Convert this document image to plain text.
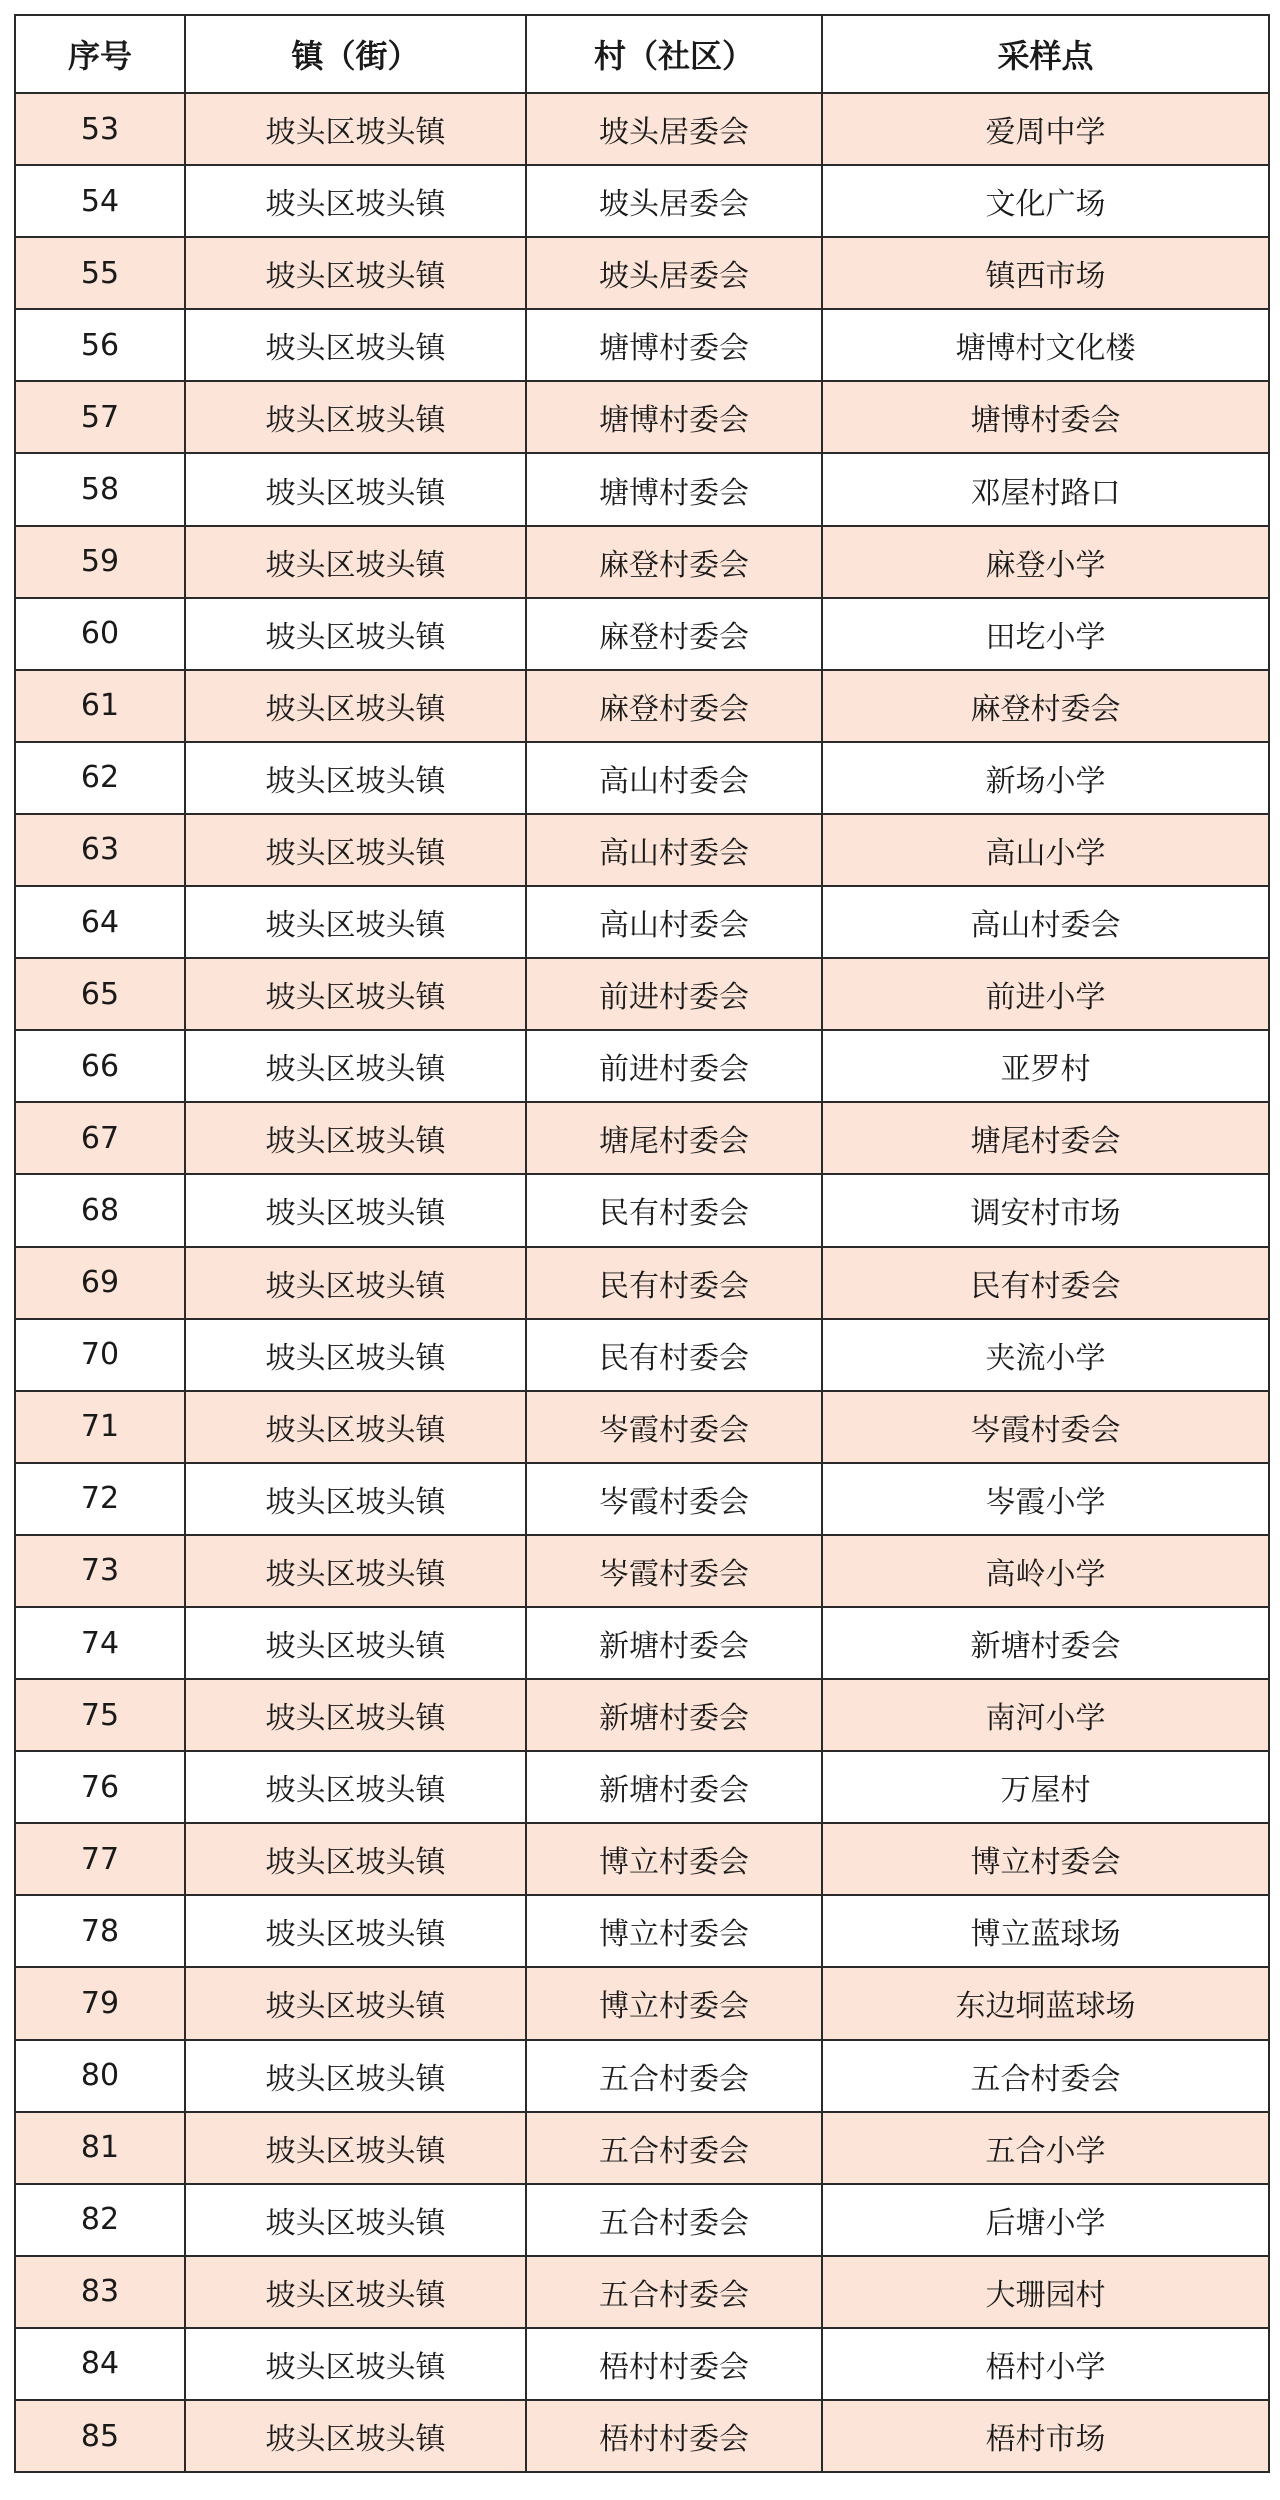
序号	镇（街）	村（社区）	采样点
53	坡头区坡头镇	坡头居委会	爱周中学
54	坡头区坡头镇	坡头居委会	文化广场
55	坡头区坡头镇	坡头居委会	镇西市场
56	坡头区坡头镇	塘博村委会	塘博村文化楼
57	坡头区坡头镇	塘博村委会	塘博村委会
58	坡头区坡头镇	塘博村委会	邓屋村路口
59	坡头区坡头镇	麻登村委会	麻登小学
60	坡头区坡头镇	麻登村委会	田圪小学
61	坡头区坡头镇	麻登村委会	麻登村委会
62	坡头区坡头镇	高山村委会	新场小学
63	坡头区坡头镇	高山村委会	高山小学
64	坡头区坡头镇	高山村委会	高山村委会
65	坡头区坡头镇	前进村委会	前进小学
66	坡头区坡头镇	前进村委会	亚罗村
67	坡头区坡头镇	塘尾村委会	塘尾村委会
68	坡头区坡头镇	民有村委会	调安村市场
69	坡头区坡头镇	民有村委会	民有村委会
70	坡头区坡头镇	民有村委会	夹流小学
71	坡头区坡头镇	岑霞村委会	岑霞村委会
72	坡头区坡头镇	岑霞村委会	岑霞小学
73	坡头区坡头镇	岑霞村委会	高岭小学
74	坡头区坡头镇	新塘村委会	新塘村委会
75	坡头区坡头镇	新塘村委会	南河小学
76	坡头区坡头镇	新塘村委会	万屋村
77	坡头区坡头镇	博立村委会	博立村委会
78	坡头区坡头镇	博立村委会	博立蓝球场
79	坡头区坡头镇	博立村委会	东边垌蓝球场
80	坡头区坡头镇	五合村委会	五合村委会
81	坡头区坡头镇	五合村委会	五合小学
82	坡头区坡头镇	五合村委会	后塘小学
83	坡头区坡头镇	五合村委会	大珊园村
84	坡头区坡头镇	梧村村委会	梧村小学
85	坡头区坡头镇	梧村村委会	梧村市场
